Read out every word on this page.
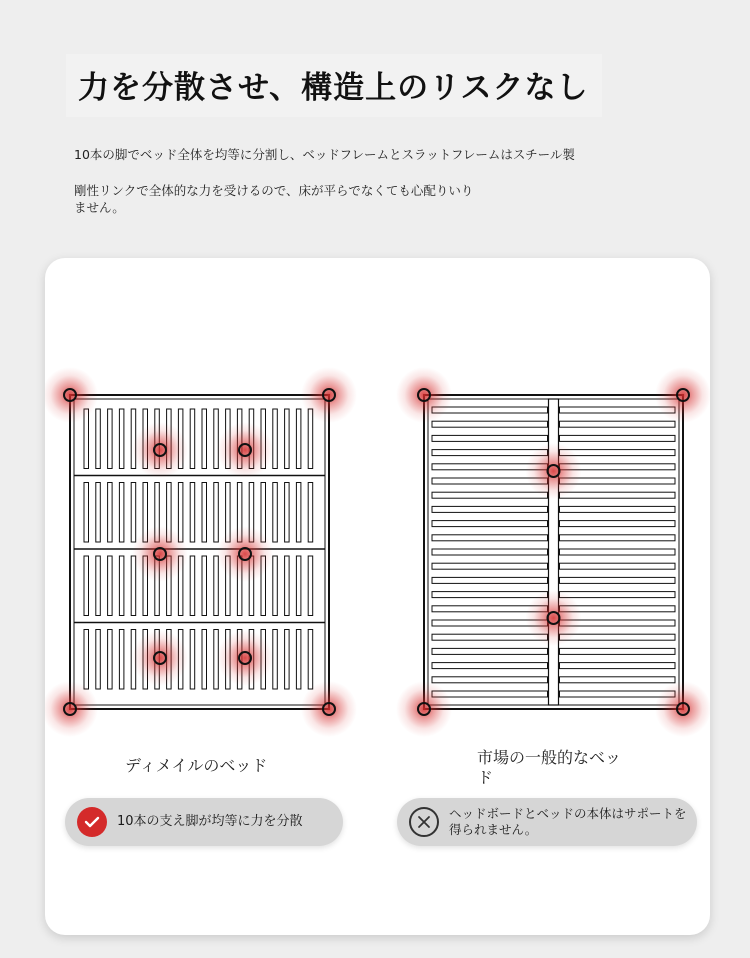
力を分散させ、構造上のリスクなし
10本の脚でベッド全体を均等に分割し、ベッドフレームとスラットフレームはスチール製
剛性リンクで全体的な力を受けるので、床が平らでなくても心配りいりません。
ディメイルのベッド	市場の一般的なベッド
10本の支え脚が均等に力を分散
ヘッドボードとベッドの本体はサポートを得られません。
